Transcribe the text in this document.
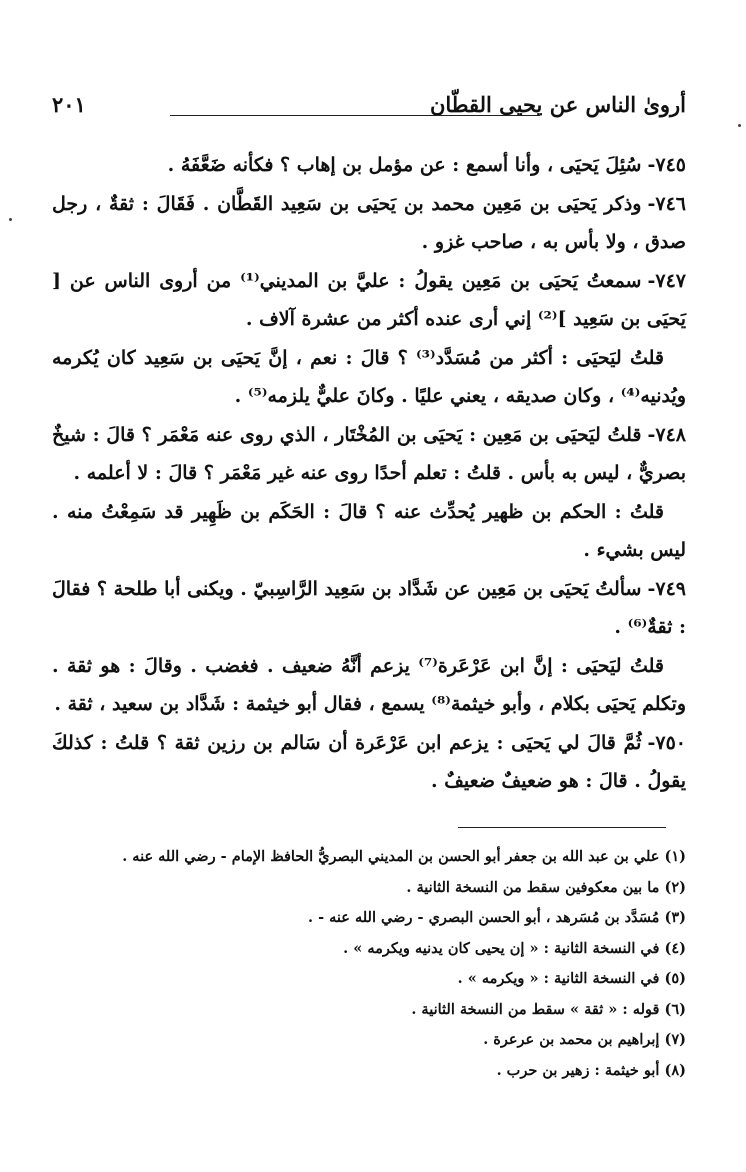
أرویٰ الناس عن يحيى القطّان
٢٠١

٧٤٥-سُئِلَ يَحيَى ، وأنا أسمع : عن مؤمل بن إهاب ؟ فكأنه ضَعَّفَهُ .

٧٤٦-وذكر يَحيَى بن مَعِين محمد بن يَحيَى بن سَعِيد القَطَّان . فَقَالَ : ثقةٌ ، رجل صدق ، ولا بأس به ، صاحب غزو .

٧٤٧-سمعتُ يَحيَى بن مَعِين يقولُ : عليَّ بن المديني⁽¹⁾ من أروى الناس عن [ يَحيَى بن سَعِيد ]⁽²⁾ إني أرى عنده أكثر من عشرة آلاف .

قلتُ ليَحيَى : أكثر من مُسَدَّد⁽³⁾ ؟ قالَ : نعم ، إنَّ يَحيَى بن سَعِيد كان يُكرمه ويُدنيه⁽⁴⁾ ، وكان صديقه ، يعني عليًا . وكانَ عليٌّ يلزمه⁽⁵⁾ .

٧٤٨-قلتُ ليَحيَى بن مَعِين : يَحيَى بن المُخْتَار ، الذي روى عنه مَعْمَر ؟ قالَ : شيخٌ بصريٌّ ، ليس به بأس . قلتُ : تعلم أحدًا روى عنه غير مَعْمَر ؟ قالَ : لا أعلمه .

قلتُ : الحكم بن ظهير يُحدِّث عنه ؟ قالَ : الحَكَم بن ظَهِير قد سَمِعْتُ منه . ليس بشيء .

٧٤٩-سألتُ يَحيَى بن مَعِين عن شَدَّاد بن سَعِيد الرَّاسِبيّ . ويكنى أبا طلحة ؟ فقالَ : ثقةٌ⁽⁶⁾ .

قلتُ ليَحيَى : إنَّ ابن عَرْعَرة⁽⁷⁾ يزعم أنَّهُ ضعيف . فغضب . وقالَ : هو ثقة . وتكلم يَحيَى بكلام ، وأبو خيثمة⁽⁸⁾ يسمع ، فقال أبو خيثمة : شَدَّاد بن سعيد ، ثقة .

٧٥٠-ثُمَّ قالَ لي يَحيَى : يزعم ابن عَرْعَرة أن سَالم بن رزين ثقة ؟ قلتُ : كذلكَ يقولُ . قالَ : هو ضعيفٌ ضعيفٌ .

(١) علي بن عبد الله بن جعفر أبو الحسن بن المديني البصريُّ الحافظ الإمام - رضي الله عنه .

(٢) ما بين معكوفين سقط من النسخة الثانية .

(٣) مُسَدَّد بن مُسَرهد ، أبو الحسن البصري - رضي الله عنه - .

(٤) في النسخة الثانية : « إن يحيى كان يدنيه ويكرمه » .

(٥) في النسخة الثانية : « ويكرمه » .

(٦) قوله : « ثقة » سقط من النسخة الثانية .

(٧) إبراهيم بن محمد بن عرعرة .

(٨) أبو خيثمة : زهير بن حرب .
